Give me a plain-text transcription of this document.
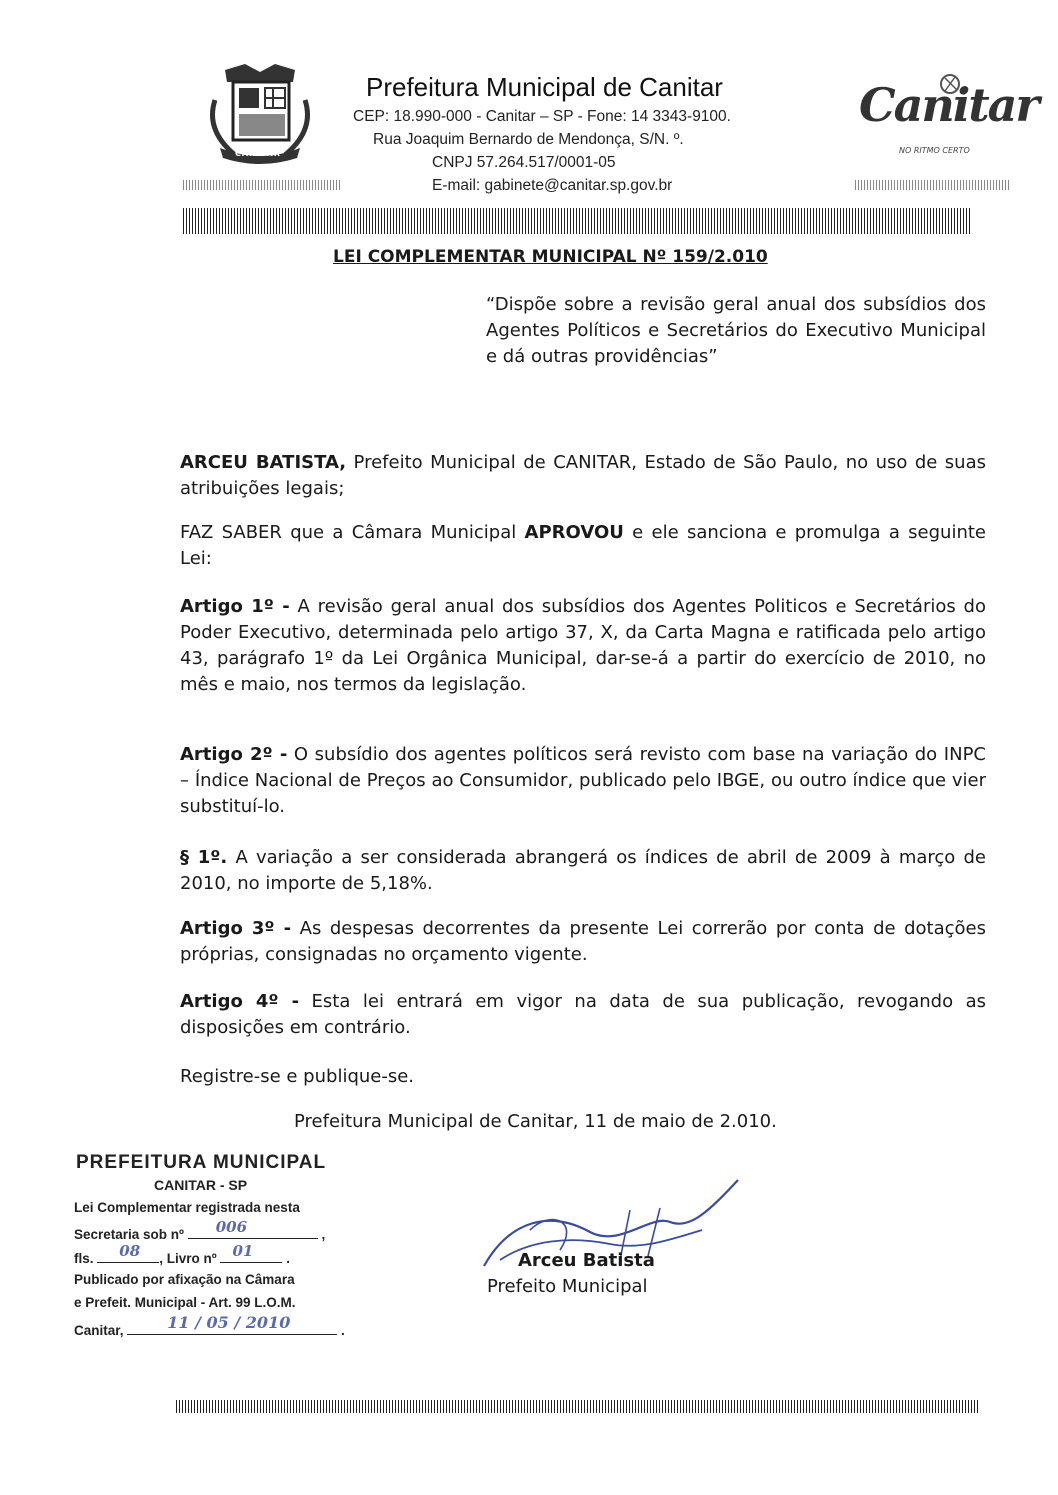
CANITAR
Prefeitura Municipal de Canitar
CEP: 18.990-000 - Canitar – SP - Fone: 14 3343-9100.
Rua Joaquim Bernardo de Mendonça, S/N. º.
CNPJ 57.264.517/0001-05
E-mail: gabinete@canitar.sp.gov.br
Canitar
NO RITMO CERTO
LEI COMPLEMENTAR MUNICIPAL Nº 159/2.010
“Dispõe sobre a revisão geral anual dos subsídios dos Agentes Políticos e Secretários do Executivo Municipal e dá outras providências”
ARCEU BATISTA, Prefeito Municipal de CANITAR, Estado de São Paulo, no uso de suas atribuições legais;
FAZ SABER que a Câmara Municipal APROVOU e ele sanciona e promulga a seguinte Lei:
Artigo 1º - A revisão geral anual dos subsídios dos Agentes Politicos e Secretários do Poder Executivo, determinada pelo artigo 37, X, da Carta Magna e ratificada pelo artigo 43, parágrafo 1º da Lei Orgânica Municipal, dar-se-á a partir do exercício de 2010, no mês e maio, nos termos da legislação.
Artigo 2º - O subsídio dos agentes políticos será revisto com base na variação do INPC – Índice Nacional de Preços ao Consumidor, publicado pelo IBGE, ou outro índice que vier substituí-lo.
§ 1º. A variação a ser considerada abrangerá os índices de abril de 2009 à março de 2010, no importe de 5,18%.
Artigo 3º - As despesas decorrentes da presente Lei correrão por conta de dotações próprias, consignadas no orçamento vigente.
Artigo 4º - Esta lei entrará em vigor na data de sua publicação, revogando as disposições em contrário.
Registre-se e publique-se.
Prefeitura Municipal de Canitar, 11 de maio de 2.010.
PREFEITURA MUNICIPAL
CANITAR - SP
Lei Complementar registrada nesta
Secretaria sob nº 006	,
fls. 08 , Livro nº 01 .
Publicado por afixação na Câmara
e Prefeit. Municipal - Art. 99 L.O.M.
Canitar,	11 / 05 / 2010	.
Arceu Batista
Prefeito Municipal
